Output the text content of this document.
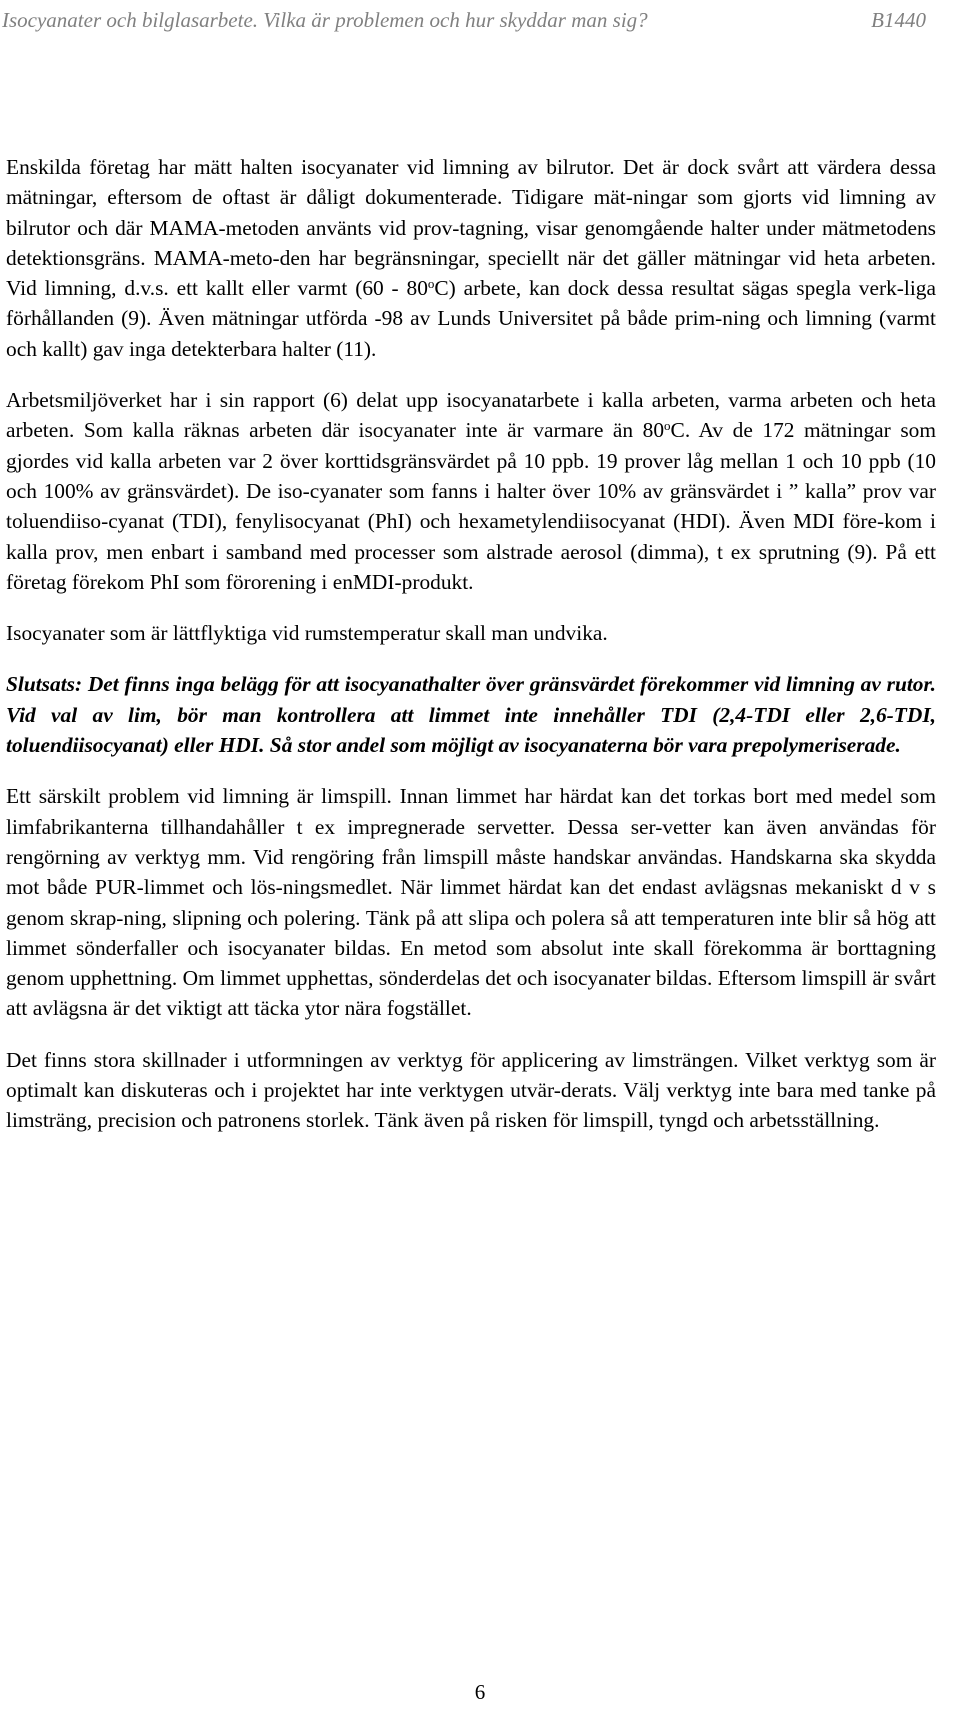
Isocyanater och bilglasarbete. Vilka är problemen och hur skyddar man sig?	B1440

Enskilda företag har mätt halten isocyanater vid limning av bilrutor. Det är dock svårt att värdera dessa mätningar, eftersom de oftast är dåligt dokumenterade. Tidigare mät-ningar som gjorts vid limning av bilrutor och där MAMA-metoden använts vid prov-tagning, visar genomgående halter under mätmetodens detektionsgräns. MAMA-meto-den har begränsningar, speciellt när det gäller mätningar vid heta arbeten. Vid limning, d.v.s. ett kallt eller varmt (60 - 80$^o$C) arbete, kan dock dessa resultat sägas spegla verk-liga förhållanden (9). Även mätningar utförda -98 av Lunds Universitet på både prim-ning och limning (varmt och kallt) gav inga detekterbara halter (11).

Arbetsmiljöverket har i sin rapport (6) delat upp isocyanatarbete i kalla arbeten, varma arbeten och heta arbeten. Som kalla räknas arbeten där isocyanater inte är varmare än 80$^o$C. Av de 172 mätningar som gjordes vid kalla arbeten var 2 över korttidsgränsvärdet på 10 ppb. 19 prover låg mellan 1 och 10 ppb (10 och 100% av gränsvärdet). De iso-cyanater som fanns i halter över 10% av gränsvärdet i ” kalla” prov var toluendiiso-cyanat (TDI), fenylisocyanat (PhI) och hexametylendiisocyanat (HDI). Även MDI före-kom i kalla prov, men enbart i samband med processer som alstrade aerosol (dimma), t ex sprutning (9). På ett företag förekom PhI som förorening i enMDI-produkt.

Isocyanater som är lättflyktiga vid rumstemperatur skall man undvika.

Slutsats: Det finns inga belägg för att isocyanathalter över gränsvärdet förekommer vid limning av rutor. Vid val av lim, bör man kontrollera att limmet inte innehåller TDI (2,4-TDI eller 2,6-TDI, toluendiisocyanat) eller HDI. Så stor andel som möjligt av isocyanaterna bör vara prepolymeriserade.

Ett särskilt problem vid limning är limspill. Innan limmet har härdat kan det torkas bort med medel som limfabrikanterna tillhandahåller t ex impregnerade servetter. Dessa ser-vetter kan även användas för rengörning av verktyg mm. Vid rengöring från limspill måste handskar användas. Handskarna ska skydda mot både PUR-limmet och lös-ningsmedlet. När limmet härdat kan det endast avlägsnas mekaniskt d v s genom skrap-ning, slipning och polering. Tänk på att slipa och polera så att temperaturen inte blir så hög att limmet sönderfaller och isocyanater bildas. En metod som absolut inte skall förekomma är borttagning genom upphettning. Om limmet upphettas, sönderdelas det och isocyanater bildas. Eftersom limspill är svårt att avlägsna är det viktigt att täcka ytor nära fogstället.

Det finns stora skillnader i utformningen av verktyg för applicering av limsträngen. Vilket verktyg som är optimalt kan diskuteras och i projektet har inte verktygen utvär-derats. Välj verktyg inte bara med tanke på limsträng, precision och patronens storlek. Tänk även på risken för limspill, tyngd och arbetsställning.

6
